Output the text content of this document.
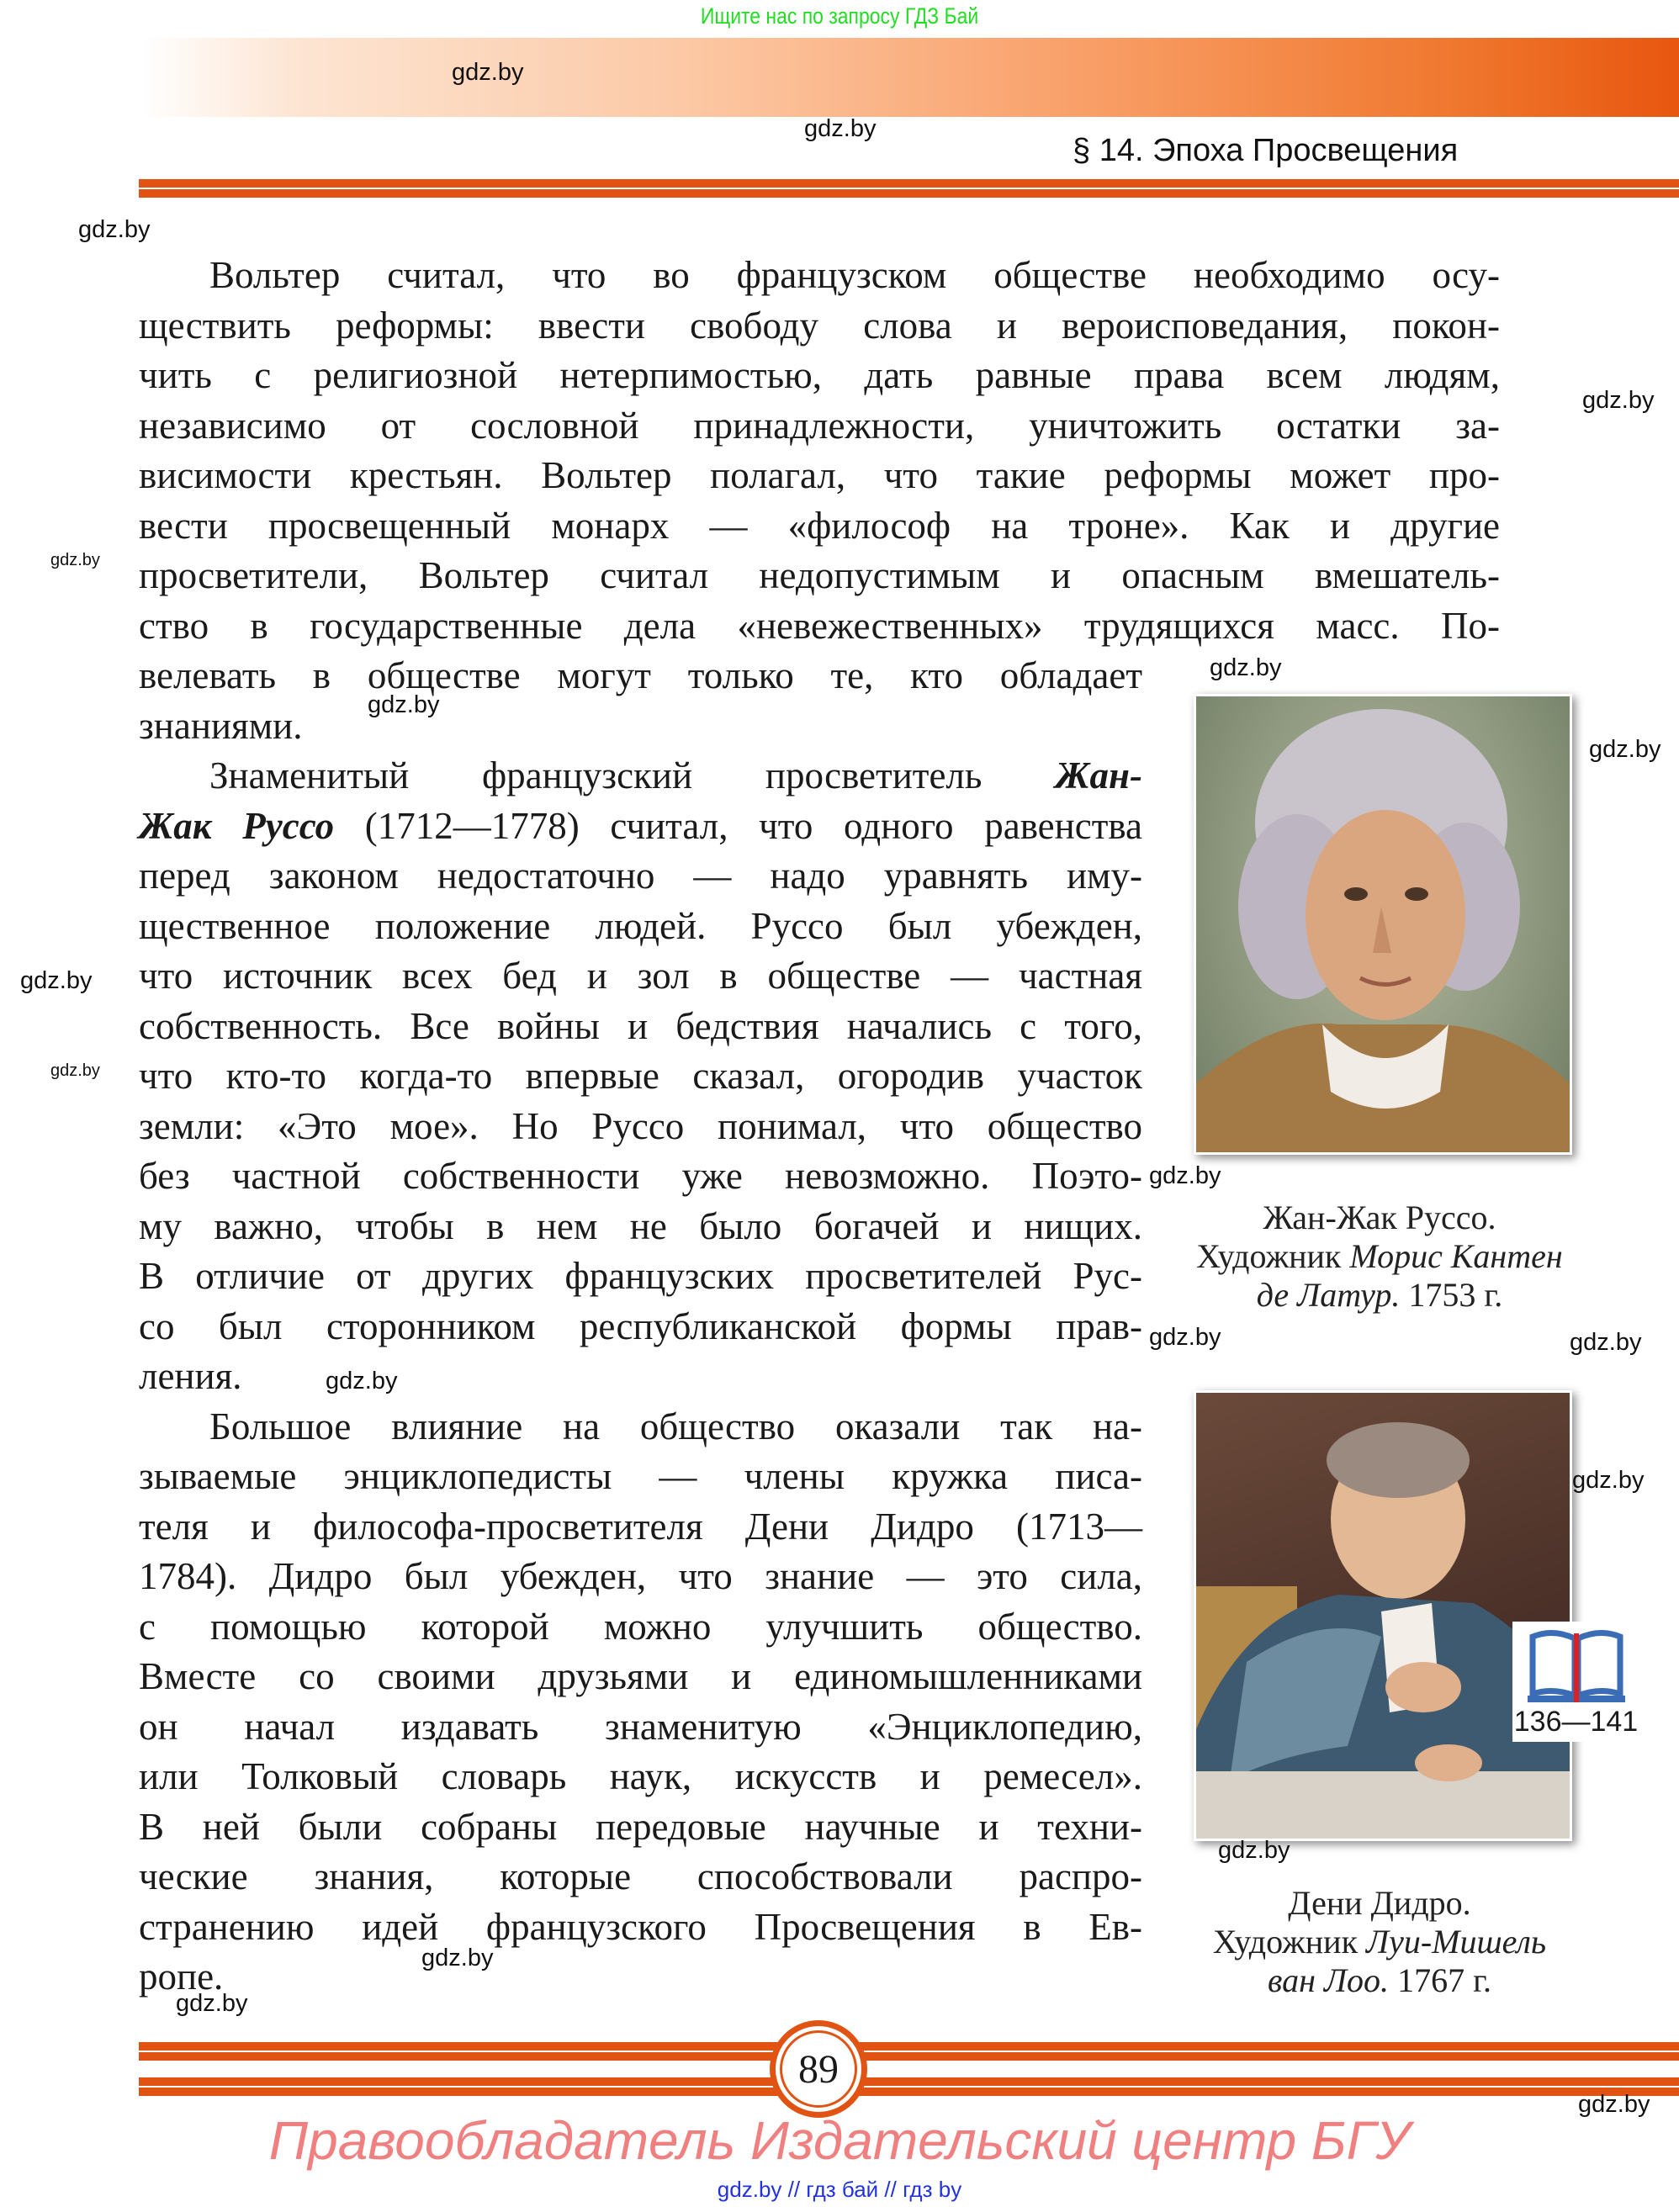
Ищите нас по запросу ГДЗ Бай
§ 14. Эпоха Просвещения
Вольтер считал, что во французском обществе необходимо осу-
ществить реформы: ввести свободу слова и вероисповедания, покон-
чить с религиозной нетерпимостью, дать равные права всем людям,
независимо от сословной принадлежности, уничтожить остатки за-
висимости крестьян. Вольтер полагал, что такие реформы может про-
вести просвещенный монарх — «философ на троне». Как и другие
просветители, Вольтер считал недопустимым и опасным вмешатель-
ство в государственные дела «невежественных» трудящихся масс. По-
велевать в обществе могут только те, кто обладает
знаниями.
Знаменитый французский просветитель Жан-
Жак Руссо (1712—1778) считал, что одного равенства
перед законом недостаточно — надо уравнять иму-
щественное положение людей. Руссо был убежден,
что источник всех бед и зол в обществе — частная
собственность. Все войны и бедствия начались с того,
что кто-то когда-то впервые сказал, огородив участок
земли: «Это мое». Но Руссо понимал, что общество
без частной собственности уже невозможно. Поэто-
му важно, чтобы в нем не было богачей и нищих.
В отличие от других французских просветителей Рус-
со был сторонником республиканской формы прав-
ления.
Большое влияние на общество оказали так на-
зываемые энциклопедисты — члены кружка писа-
теля и философа-просветителя Дени Дидро (1713—
1784). Дидро был убежден, что знание — это сила,
с помощью которой можно улучшить общество.
Вместе со своими друзьями и единомышленниками
он начал издавать знаменитую «Энциклопедию,
или Толковый словарь наук, искусств и ремесел».
В ней были собраны передовые научные и техни-
ческие знания, которые способствовали распро-
странению идей французского Просвещения в Ев-
ропе.
Жан-Жак Руссо.
Художник Морис Кантен
де Латур. 1753 г.
136—141
Дени Дидро.
Художник Луи-Мишель
ван Лоо. 1767 г.
89
Правообладатель Издательский центр БГУ
gdz.by // гдз бай // гдз by
gdz.by
gdz.by
gdz.by
gdz.by
gdz.by
gdz.by
gdz.by
gdz.by
gdz.by
gdz.by
gdz.by
gdz.by
gdz.by
gdz.by
gdz.by
gdz.by
gdz.by
gdz.by
gdz.by
